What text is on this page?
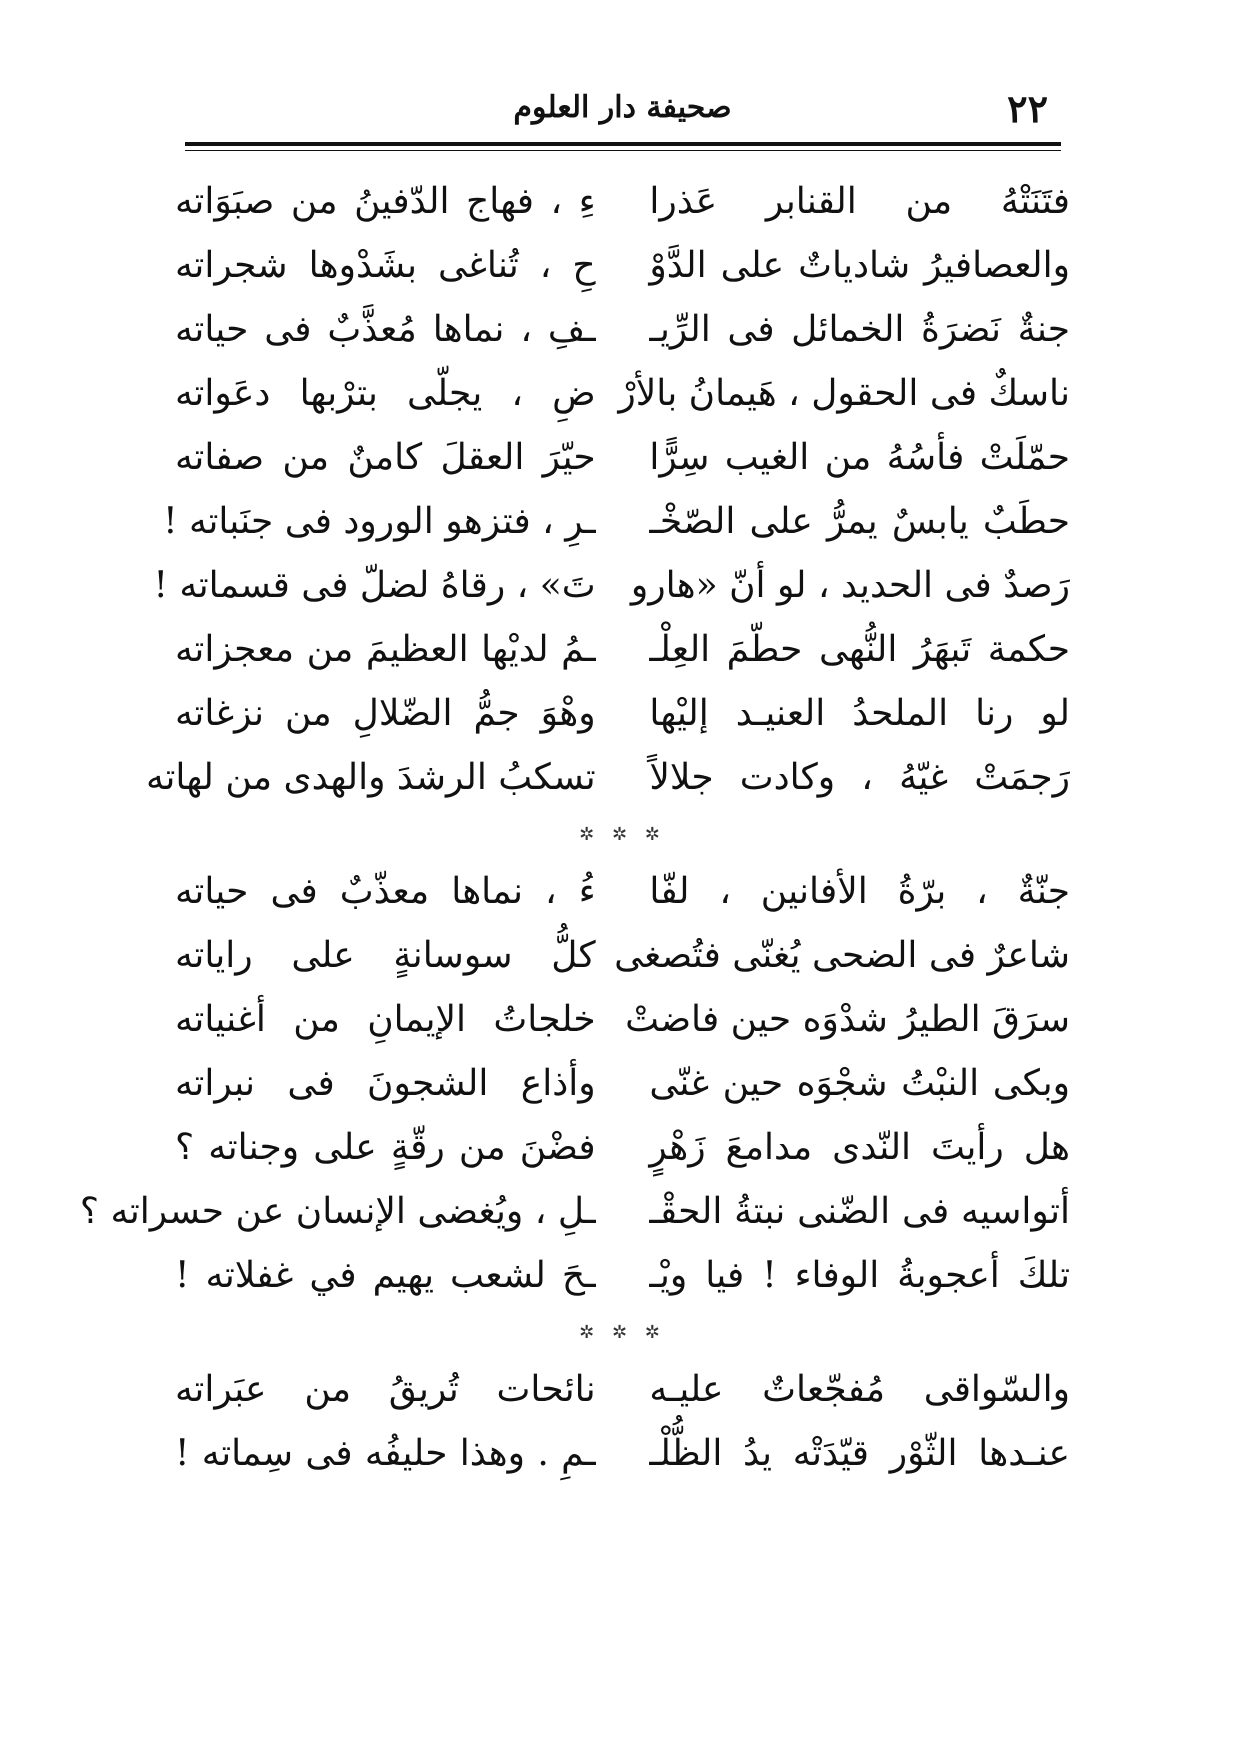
٢٢
صحيفة دار العلوم
فتَنَتْهُ من القنابر عَذرا
ءِ ، فهاج الدّفينُ من صبَوَاته
والعصافيرُ شادياتٌ على الدَّوْ
حِ ، تُناغى بشَدْوها شجراته
جنةٌ نَضرَةُ الخمائل فى الرِّيـ
ـفِ ، نماها مُعذَّبٌ فى حياته
ناسكٌ فى الحقول ، هَيمانُ بالأرْ
ضِ ، يجلّى بترْبها دعَواته
حمّلَتْ فأسُهُ من الغيب سِرًّا
حيّرَ العقلَ كامنٌ من صفاته
حطَبٌ يابسٌ يمرُّ على الصّخْـ
ـرِ ، فتزهو الورود فى جنَباته !
رَصدٌ فى الحديد ، لو أنّ «هارو
تَ» ، رقاهُ لضلّ فى قسماته !
حكمة تَبهَرُ النُّهى حطّمَ العِلْـ
ـمُ لديْها العظيمَ من معجزاته
لو رنا الملحدُ العنيـد إليْها
وهْوَ جمُّ الضّلالِ من نزغاته
رَجمَتْ غيّهُ ، وكادت جلالاً
تسكبُ الرشدَ والهدى من لهاته
✲ ✲ ✲
جنّةٌ ، برّةُ الأفانين ، لفّا
ءُ ، نماها معذّبٌ فى حياته
شاعرٌ فى الضحى يُغنّى فتُصغى
كلُّ سوسانةٍ على راياته
سرَقَ الطيرُ شدْوَه حين فاضتْ
خلجاتُ الإيمانِ من أغنياته
وبكى النبْتُ شجْوَه حين غنّى
وأذاع الشجونَ فى نبراته
هل رأيتَ النّدى مدامعَ زَهْرٍ
فضْنَ من رقّةٍ على وجناته ؟
أتواسيه فى الضّنى نبتةُ الحقْـ
ـلِ ، ويُغضى الإنسان عن حسراته ؟
تلكَ أعجوبةُ الوفاء ! فيا ويْـ
ـحَ لشعب يهيم في غفلاته !
✲ ✲ ✲
والسّواقى مُفجّعاتٌ عليـه
نائحات تُريقُ من عبَراته
عنـدها الثّوْر قيّدَتْه يدُ الظُّلْـ
ـمِ . وهذا حليفُه فى سِماته !
